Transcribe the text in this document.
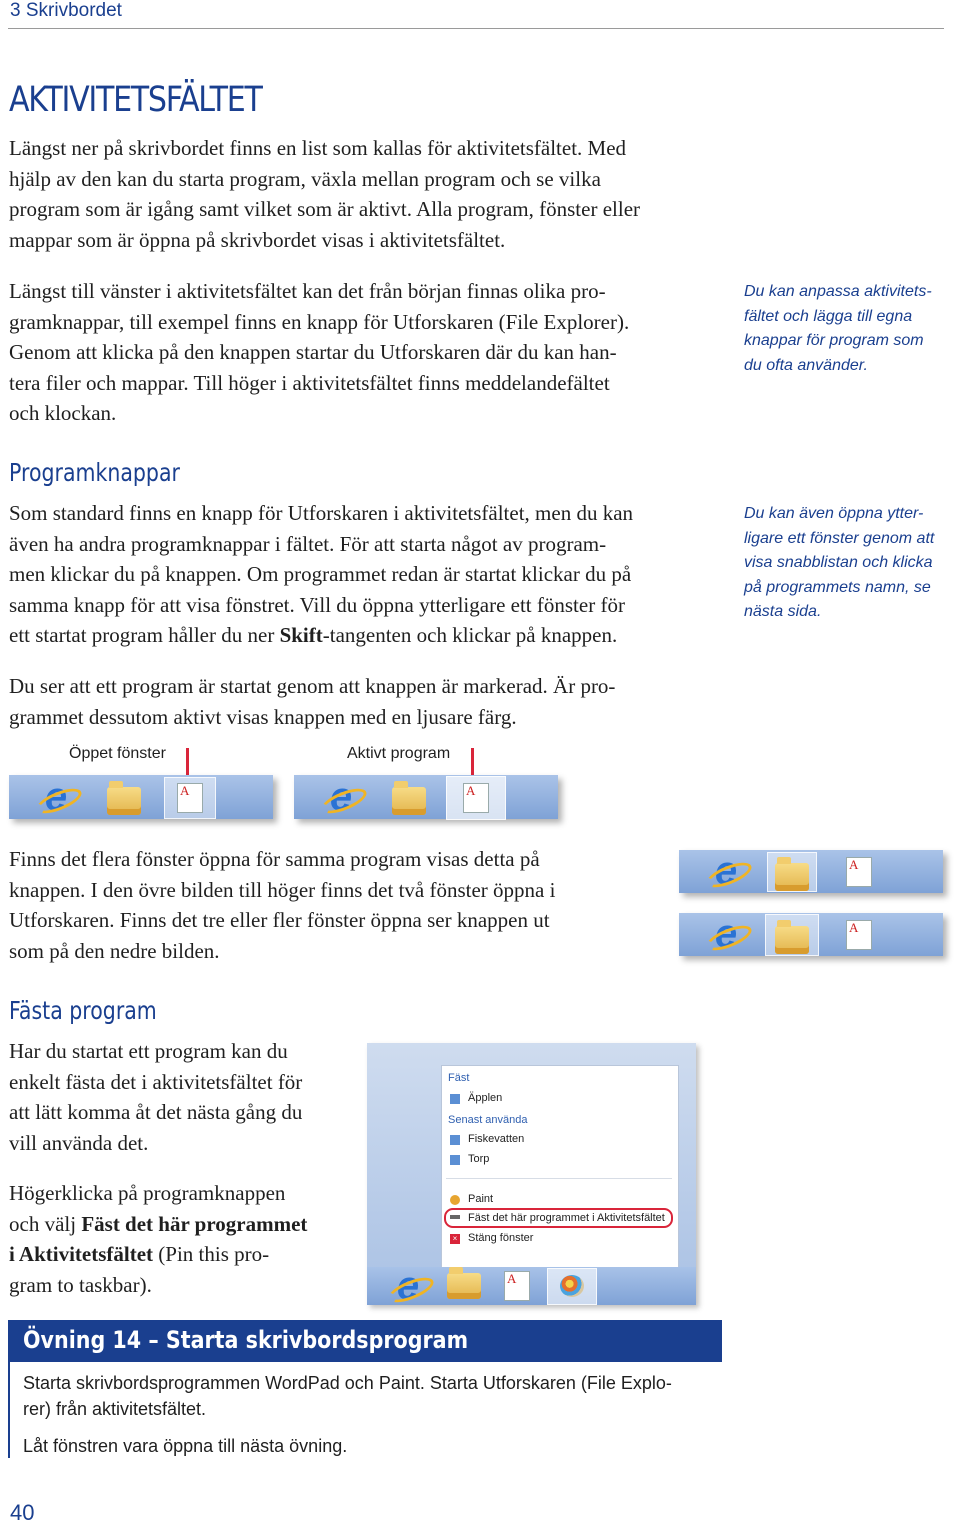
3 Skrivbordet
AKTIVITETSFÄLTET
Längst ner på skrivbordet finns en list som kallas för aktivitetsfältet. Med
hjälp av den kan du starta program, växla mellan program och se vilka
program som är igång samt vilket som är aktivt. Alla program, fönster eller
mappar som är öppna på skrivbordet visas i aktivitetsfältet.
Längst till vänster i aktivitetsfältet kan det från början finnas olika pro-
gramknappar, till exempel finns en knapp för Utforskaren (File Explorer).
Genom att klicka på den knappen startar du Utforskaren där du kan han-
tera filer och mappar. Till höger i aktivitetsfältet finns meddelandefältet
och klockan.
Du kan anpassa aktivitets-
fältet och lägga till egna
knappar för program som
du ofta använder.
Programknappar
Som standard finns en knapp för Utforskaren i aktivitetsfältet, men du kan
även ha andra programknappar i fältet. För att starta något av program-
men klickar du på knappen. Om programmet redan är startat klickar du på
samma knapp för att visa fönstret. Vill du öppna ytterligare ett fönster för
ett startat program håller du ner Skift-tangenten och klickar på knappen.
Du kan även öppna ytter-
ligare ett fönster genom att
visa snabblistan och klicka
på programmets namn, se
nästa sida.
Du ser att ett program är startat genom att knappen är markerad. Är pro-
grammet dessutom aktivt visas knappen med en ljusare färg.
Öppet fönster	Aktivt program
e	A	e	A
Finns det flera fönster öppna för samma program visas detta på
knappen. I den övre bilden till höger finns det två fönster öppna i
Utforskaren. Finns det tre eller fler fönster öppna ser knappen ut
som på den nedre bilden.
e	A
e	A
Fästa program
Har du startat ett program kan du
enkelt fästa det i aktivitetsfältet för
att lätt komma åt det nästa gång du
vill använda det.
Högerklicka på programknappen
och välj Fäst det här programmet
i Aktivitetsfältet (Pin this pro-
gram to taskbar).
Fäst
Äpplen
Senast använda
Fiskevatten
Torp
Paint
Fäst det här programmet i Aktivitetsfältet
× Stäng fönster
e	A
Övning 14 – Starta skrivbordsprogram
Starta skrivbordsprogrammen WordPad och Paint. Starta Utforskaren (File Explo-
rer) från aktivitetsfältet.
Låt fönstren vara öppna till nästa övning.
40
